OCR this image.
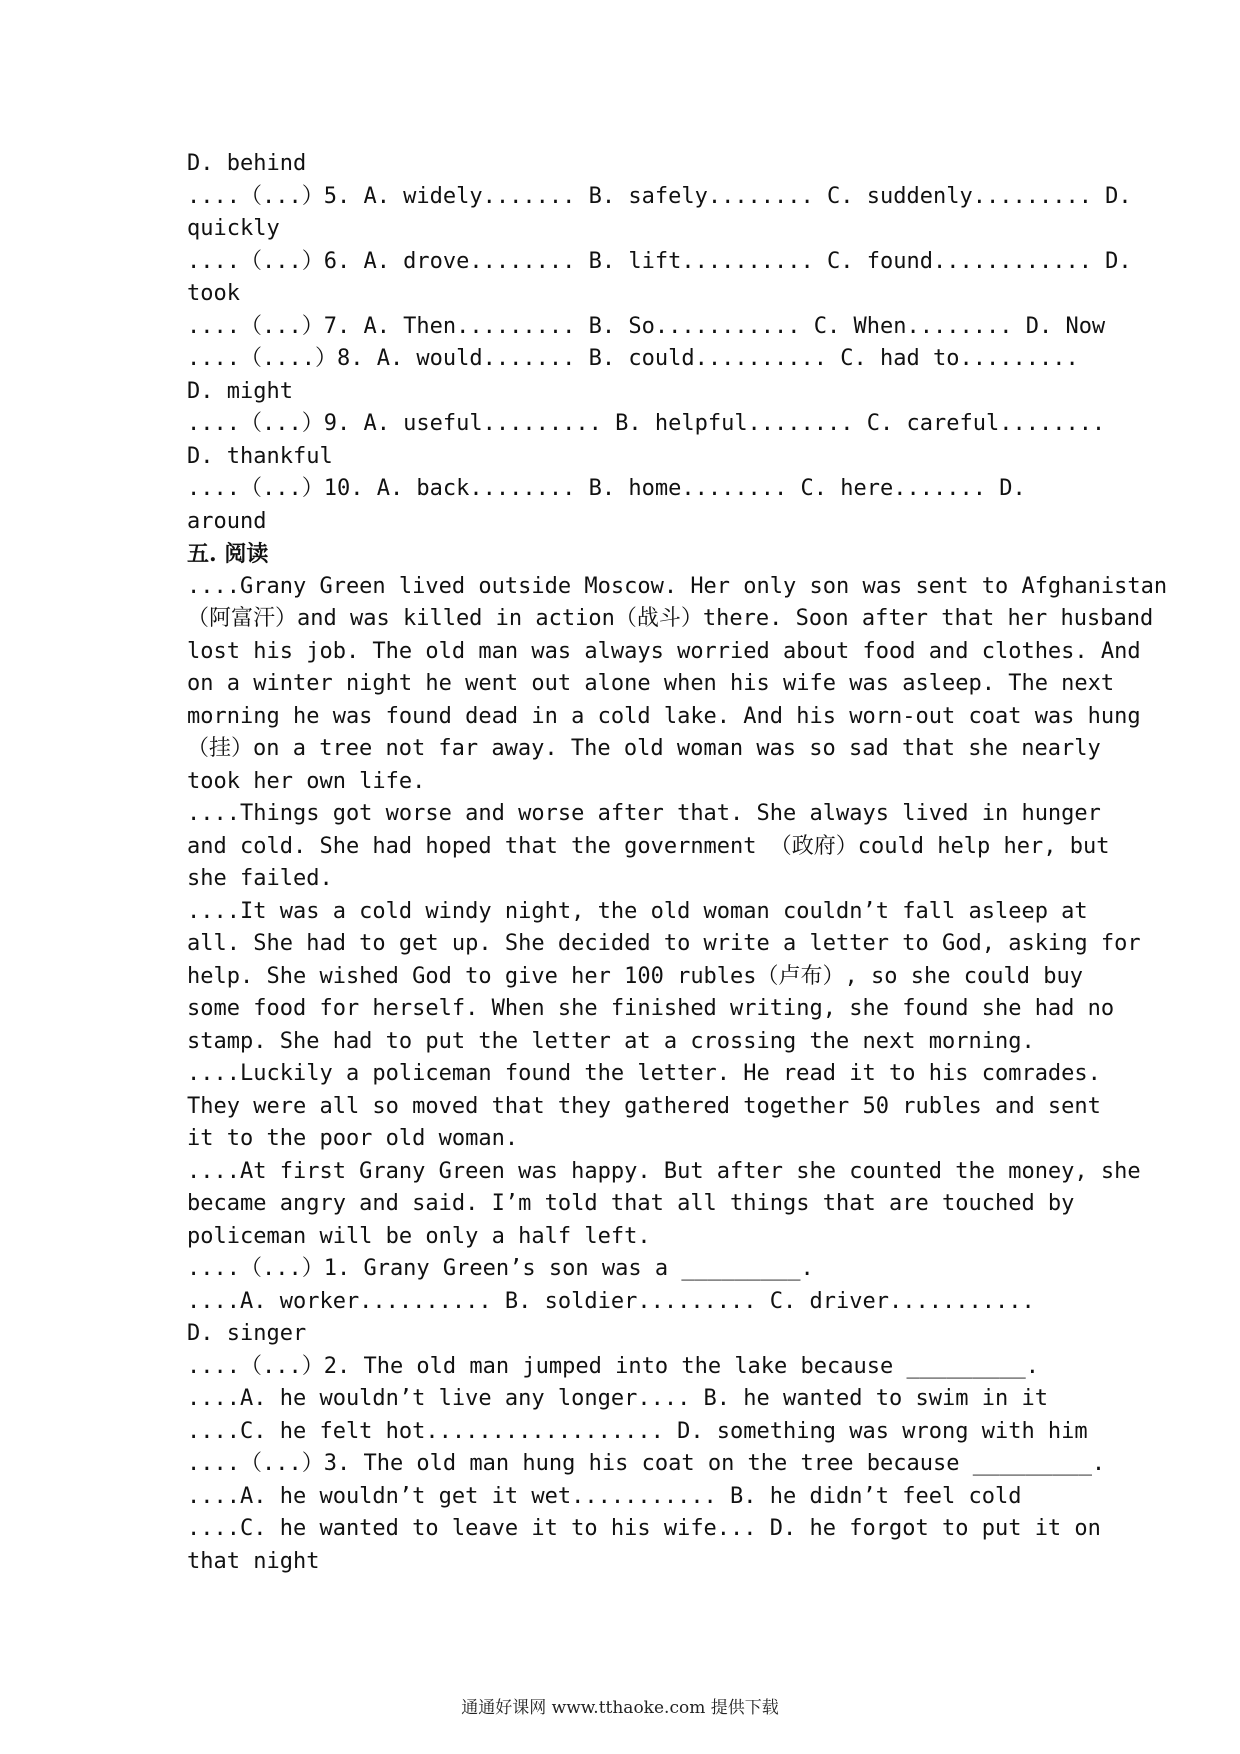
D. behind
....（...）5. A. widely....... B. safely........ C. suddenly......... D.
quickly
....（...）6. A. drove........ B. lift.......... C. found............ D.
took
....（...）7. A. Then......... B. So........... C. When........ D. Now
....（....）8. A. would....... B. could.......... C. had to.........
D. might
....（...）9. A. useful......... B. helpful........ C. careful........
D. thankful
....（...）10. A. back........ B. home........ C. here....... D.
around
五. 阅读
....Grany Green lived outside Moscow. Her only son was sent to Afghanistan
（阿富汗）and was killed in action（战斗）there. Soon after that her husband
lost his job. The old man was always worried about food and clothes. And
on a winter night he went out alone when his wife was asleep. The next
morning he was found dead in a cold lake. And his worn-out coat was hung
（挂）on a tree not far away. The old woman was so sad that she nearly
took her own life.
....Things got worse and worse after that. She always lived in hunger
and cold. She had hoped that the government （政府）could help her, but
she failed.
....It was a cold windy night, the old woman couldn’t fall asleep at
all. She had to get up. She decided to write a letter to God, asking for
help. She wished God to give her 100 rubles（卢布）, so she could buy
some food for herself. When she finished writing, she found she had no
stamp. She had to put the letter at a crossing the next morning.
....Luckily a policeman found the letter. He read it to his comrades.
They were all so moved that they gathered together 50 rubles and sent
it to the poor old woman.
....At first Grany Green was happy. But after she counted the money, she
became angry and said. I’m told that all things that are touched by
policeman will be only a half left.
....（...）1. Grany Green’s son was a _________.
....A. worker.......... B. soldier......... C. driver...........
D. singer
....（...）2. The old man jumped into the lake because _________.
....A. he wouldn’t live any longer.... B. he wanted to swim in it
....C. he felt hot.................. D. something was wrong with him
....（...）3. The old man hung his coat on the tree because _________.
....A. he wouldn’t get it wet........... B. he didn’t feel cold
....C. he wanted to leave it to his wife... D. he forgot to put it on
that night
通通好课网 www.tthaoke.com 提供下载
